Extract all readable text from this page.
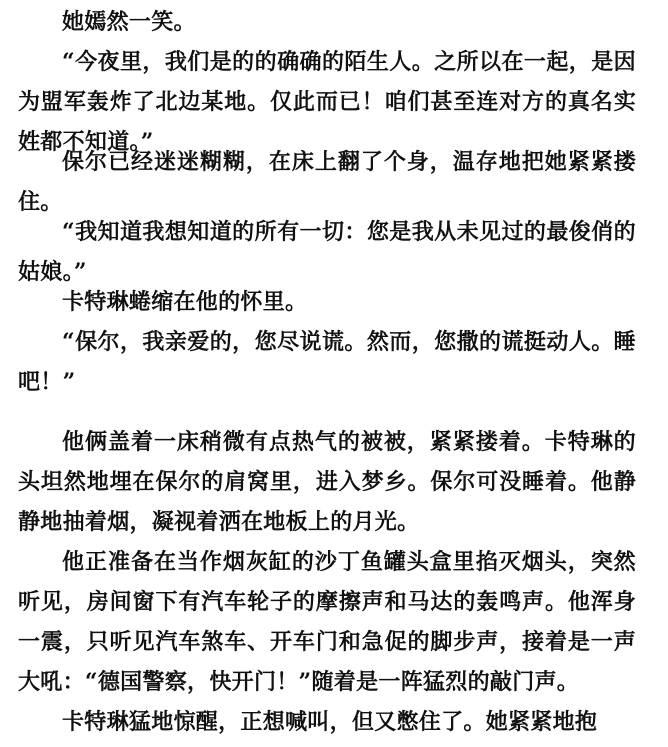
她嫣然一笑。

“今夜里，我们是的的确确的陌生人。之所以在一起，是因为盟军轰炸了北边某地。仅此而已！咱们甚至连对方的真名实姓都不知道。”

保尔已经迷迷糊糊，在床上翻了个身，温存地把她紧紧搂住。

“我知道我想知道的所有一切：您是我从未见过的最俊俏的姑娘。”

卡特琳蜷缩在他的怀里。

“保尔，我亲爱的，您尽说谎。然而，您撒的谎挺动人。睡吧！”

他俩盖着一床稍微有点热气的被被，紧紧搂着。卡特琳的头坦然地埋在保尔的肩窝里，进入梦乡。保尔可没睡着。他静静地抽着烟，凝视着洒在地板上的月光。

他正准备在当作烟灰缸的沙丁鱼罐头盒里掐灭烟头，突然听见，房间窗下有汽车轮子的摩擦声和马达的轰鸣声。他浑身一震，只听见汽车煞车、开车门和急促的脚步声，接着是一声大吼：“德国警察，快开门！”随着是一阵猛烈的敲门声。

卡特琳猛地惊醒，正想喊叫，但又憋住了。她紧紧地抱
